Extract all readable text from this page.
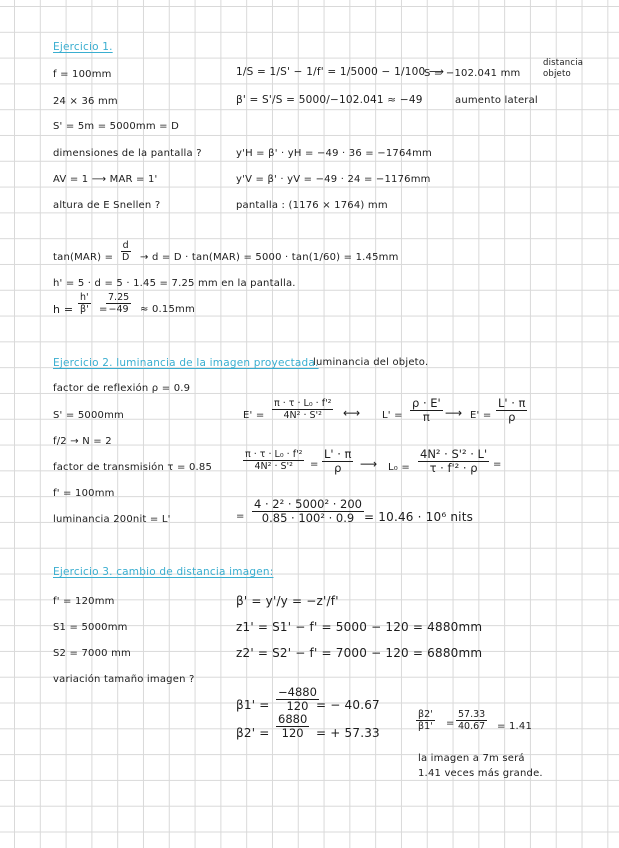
Ejercicio 1.
f = 100mm	1/S = 1/S' − 1/f' = 1/5000 − 1/100 ⟶
S = −102.041 mm
distancia
objeto
24 × 36 mm	β' = S'/S = 5000/−102.041 ≈ −49	aumento lateral
S' = 5m = 5000mm = D
dimensiones de la pantalla ?	y'H = β' · yH = −49 · 36 = −1764mm
AV = 1 ⟶ MAR = 1'	y'V = β' · yV = −49 · 24 = −1176mm
altura de E Snellen ?	pantalla : (1176 × 1764) mm
$\tan(MAR) = \frac{d}{D} \to d = D \cdot \tan(MAR) = 5000 \cdot \tan(1/60) = 1.45mm$
h' = 5 · d = 5 · 1.45 = 7.25 mm en la pantalla.
$h = \frac{h'}{\beta'}$ =
$\frac{7.25}{-49} \approx 0.15mm$
Ejercicio 2. luminancia de la imagen proyectada.
luminancia del objeto.
factor de reflexión ρ = 0.9
S' = 5000mm	$E' = \frac{\text{π · τ · L₀ · f'²}}{\text{4N² · S'²}}$ ⟷ $L' = \frac{\rho \cdot E'}{\pi}$ ⟶ $E' = \frac{L' \cdot \pi}{\rho}$
f/2 → N = 2
factor de transmisión τ = 0.85	$\frac{\text{π · τ · L₀ · f'²}}{\text{4N² · S'²}} = \frac{L' \cdot \pi}{\rho}$ ⟶ $L_0 = \frac{\text{4N² · S'² · L'}}{\text{τ · f'² · ρ}}$ =
f' = 100mm
luminancia 200nit = L'	= $\frac{\text{4 · 2² · 5000² · 200}}{\text{0.85 · 100² · 0.9}} = 10.46 \cdot 10^6$ nits
Ejercicio 3. cambio de distancia imagen:
f' = 120mm	β' = y'/y = −z'/f'
S1 = 5000mm	z1' = S1' − f' = 5000 − 120 = 4880mm
S2 = 7000 mm	z2' = S2' − f' = 7000 − 120 = 6880mm
variación tamaño imagen ?
$\beta 1' = \frac{-4880}{120}$
= − 40.67
$\beta 2' = \frac{6880}{120}$ = + 57.33
$\frac{\beta 2'}{\beta 1'} = \frac{57.33}{40.67} = 1.41$
la imagen a 7m será
1.41 veces más grande.
